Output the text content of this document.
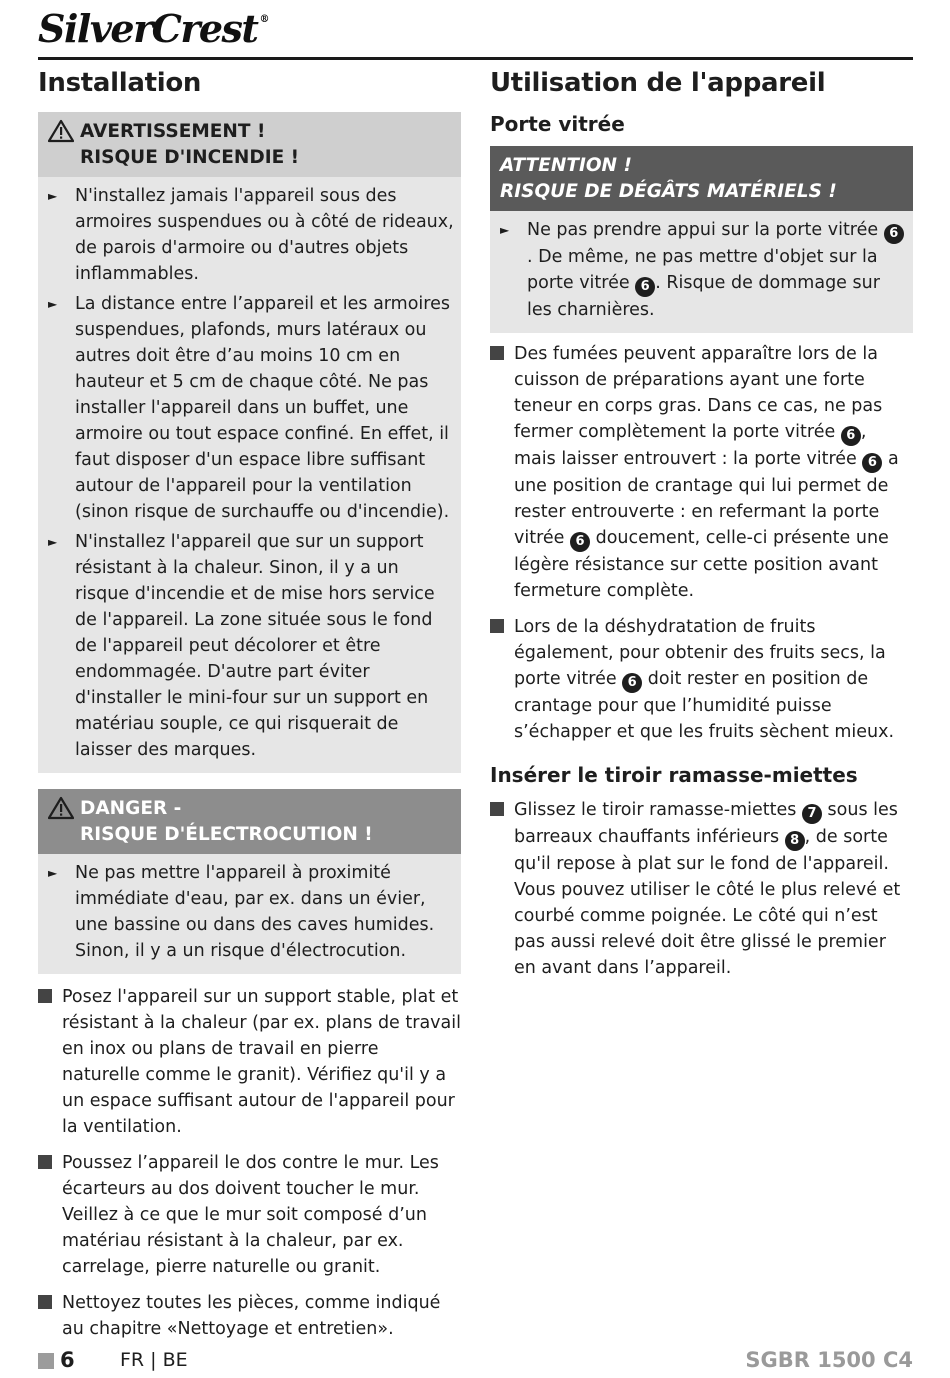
SilverCrest ®
Installation
AVERTISSEMENT !
RISQUE D'INCENDIE !
►	N'installez jamais l'appareil sous des armoires suspendues ou à côté de rideaux, de parois d'armoire ou d'autres objets inflammables.
►	La distance entre l’appareil et les armoires suspendues, plafonds, murs latéraux ou autres doit être d’au moins 10 cm en hauteur et 5 cm de chaque côté. Ne pas installer l'appareil dans un buffet, une armoire ou tout espace confiné. En effet, il faut disposer d'un espace libre suffisant autour de l'appareil pour la ventilation (sinon risque de surchauffe ou d'incendie).
►	N'installez l'appareil que sur un support résistant à la chaleur. Sinon, il y a un risque d'incendie et de mise hors service de l'appareil. La zone située sous le fond de l'appareil peut décolorer et être endommagée. D'autre part éviter d'installer le mini-four sur un support en matériau souple, ce qui risquerait de laisser des marques.
DANGER -
RISQUE D'ÉLECTROCUTION !
►	Ne pas mettre l'appareil à proximité immédiate d'eau, par ex. dans un évier, une bassine ou dans des caves humides. Sinon, il y a un risque d'électrocution.
Posez l'appareil sur un support stable, plat et résistant à la chaleur (par ex. plans de travail en inox ou plans de travail en pierre naturelle comme le granit). Vérifiez qu'il y a un espace suffisant autour de l'appareil pour la ventilation.
Poussez l’appareil le dos contre le mur. Les écarteurs au dos doivent toucher le mur. Veillez à ce que le mur soit composé d’un matériau résistant à la chaleur, par ex. carrelage, pierre naturelle ou granit.
Nettoyez toutes les pièces, comme indiqué au chapitre «Nettoyage et entretien».
Utilisation de l'appareil
Porte vitrée
ATTENTION !
RISQUE DE DÉGÂTS MATÉRIELS !
►	Ne pas prendre appui sur la porte vitrée 6. De même, ne pas mettre d'objet sur la porte vitrée 6 . Risque de dommage sur les charnières.
Des fumées peuvent apparaître lors de la cuisson de préparations ayant une forte teneur en corps gras. Dans ce cas, ne pas fermer complètement la porte vitrée 6 , mais laisser entrouvert : la porte vitrée 6 a une position de crantage qui lui permet de rester entrouverte : en refermant la porte vitrée 6 doucement, celle-ci présente une légère résistance sur cette position avant fermeture complète.
Lors de la déshydratation de fruits également, pour obtenir des fruits secs, la porte vitrée 6 doit rester en position de crantage pour que l’humidité puisse s’échapper et que les fruits sèchent mieux.
Insérer le tiroir ramasse-miettes
Glissez le tiroir ramasse-miettes 7 sous les barreaux chauffants inférieurs 8 , de sorte qu'il repose à plat sur le fond de l'appareil. Vous pouvez utiliser le côté le plus relevé et courbé comme poignée. Le côté qui n’est pas aussi relevé doit être glissé le premier en avant dans l’appareil.
6 FR | BE	SGBR 1500 C4
